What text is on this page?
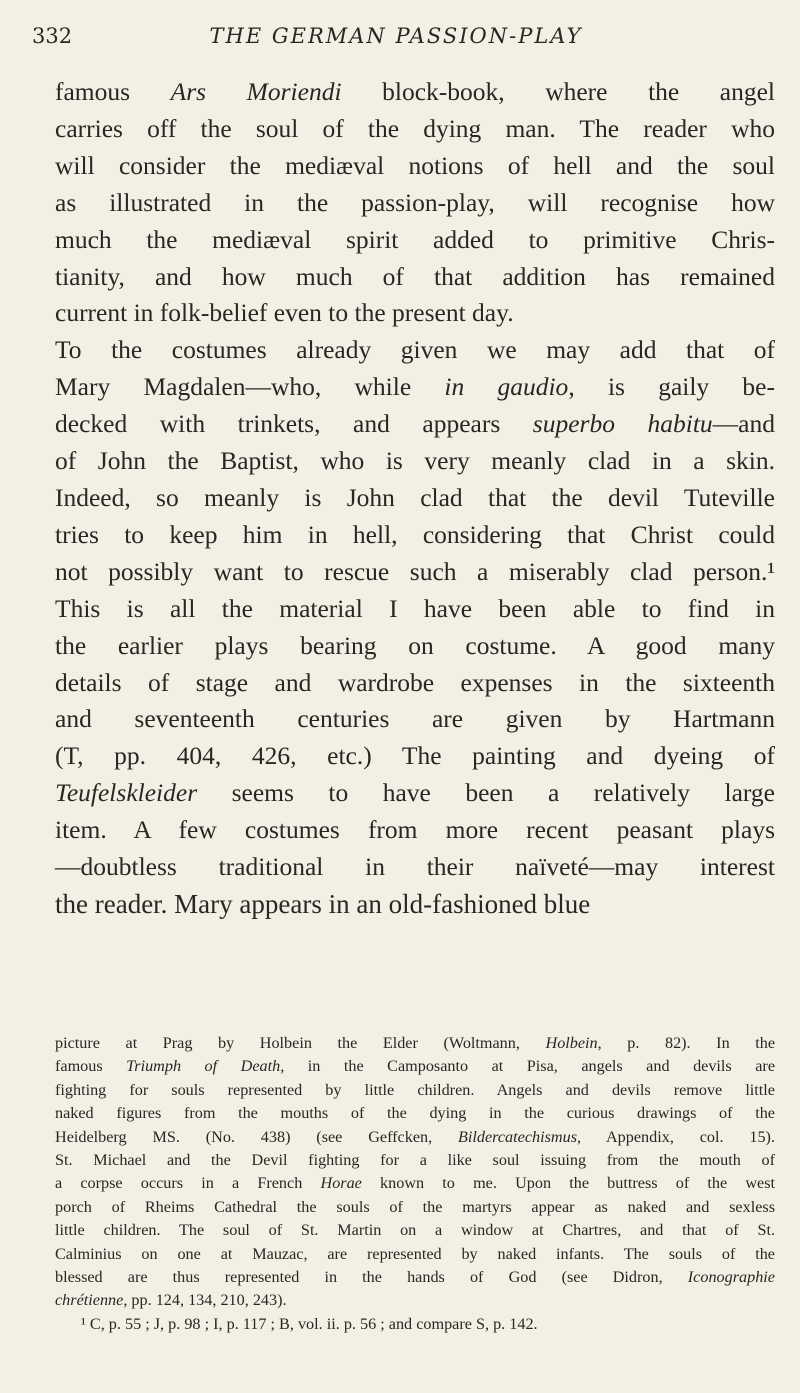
332	THE GERMAN PASSION-PLAY
famous Ars Moriendi block-book, where the angel
carries off the soul of the dying man. The reader who
will consider the mediæval notions of hell and the soul
as illustrated in the passion-play, will recognise how
much the mediæval spirit added to primitive Chris-
tianity, and how much of that addition has remained
current in folk-belief even to the present day.
To the costumes already given we may add that of
Mary Magdalen—who, while in gaudio, is gaily be-
decked with trinkets, and appears superbo habitu—and
of John the Baptist, who is very meanly clad in a skin.
Indeed, so meanly is John clad that the devil Tuteville
tries to keep him in hell, considering that Christ could
not possibly want to rescue such a miserably clad person.¹
This is all the material I have been able to find in
the earlier plays bearing on costume. A good many
details of stage and wardrobe expenses in the sixteenth
and seventeenth centuries are given by Hartmann
(T, pp. 404, 426, etc.) The painting and dyeing of
Teufelskleider seems to have been a relatively large
item. A few costumes from more recent peasant plays
—doubtless traditional in their naïveté—may interest
the reader. Mary appears in an old-fashioned blue
picture at Prag by Holbein the Elder (Woltmann, Holbein, p. 82). In the
famous Triumph of Death, in the Camposanto at Pisa, angels and devils are
fighting for souls represented by little children. Angels and devils remove little
naked figures from the mouths of the dying in the curious drawings of the
Heidelberg MS. (No. 438) (see Geffcken, Bildercatechismus, Appendix, col. 15).
St. Michael and the Devil fighting for a like soul issuing from the mouth of
a corpse occurs in a French Horae known to me. Upon the buttress of the west
porch of Rheims Cathedral the souls of the martyrs appear as naked and sexless
little children. The soul of St. Martin on a window at Chartres, and that of St.
Calminius on one at Mauzac, are represented by naked infants. The souls of the
blessed are thus represented in the hands of God (see Didron, Iconographie
chrétienne, pp. 124, 134, 210, 243).
¹ C, p. 55 ; J, p. 98 ; I, p. 117 ; B, vol. ii. p. 56 ; and compare S, p. 142.
